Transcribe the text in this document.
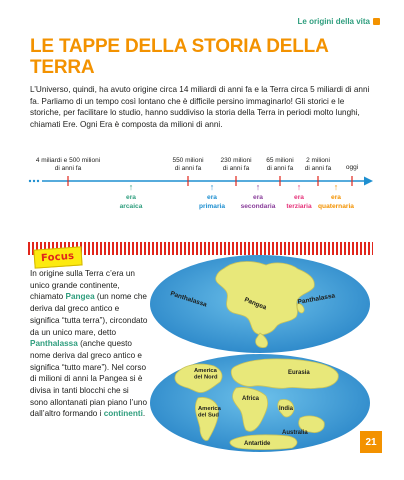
Le origini della vita
LE TAPPE DELLA STORIA DELLA TERRA

L’Universo, quindi, ha avuto origine circa 14 miliardi di anni fa e la Terra circa 5 miliardi di anni fa. Parliamo di un tempo così lontano che è difficile persino immaginarlo! Gli storici e le storiche, per facilitare lo studio, hanno suddiviso la storia della Terra in periodi molto lunghi, chiamati Ere. Ogni Era è composta da milioni di anni.

4 miliardi e 500 milioni
di anni fa
550 milioni
di anni fa
230 milioni
di anni fa
65 milioni
di anni fa
2 milioni
di anni fa	oggi
↑
era
arcaica
↑
era
primaria
↑
era
secondaria
↑
era
terziaria
↑
era
quaternaria
Focus

In origine sulla Terra c’era un unico grande continente, chiamato Pangea (un nome che deriva dal greco antico e significa “tutta terra”), circondato da un unico mare, detto Panthalassa (anche questo nome deriva dal greco antico e significa “tutto mare”). Nel corso di milioni di anni la Pangea si è divisa in tanti blocchi che si sono allontanati pian piano l’uno dall’altro formando i continenti.

Panthalassa	Pangea	Panthalassa
America del Nord
Eurasia
Africa
America del Sud
India
Australia
Antartide	21
